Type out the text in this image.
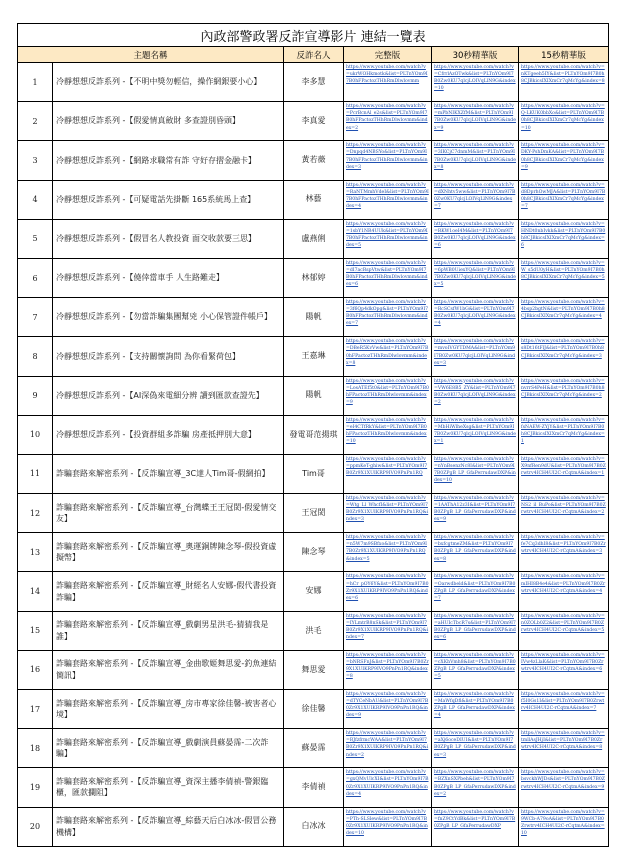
內政部警政署反詐宣導影片 連結一覽表					
主題名稱		反詐名人	完整版	30秒精華版	15秒精華版
1	冷靜想想反詐系列 -【不明中獎勿輕信，操作網銀要小心】	李多慧	https://www.youtube.com/watch?v=ukrWOHkmotk&list=PLTnYOm9I7B0hFPactozTHhRmDlwlovmm	https://www.youtube.com/watch?v=CfrrlAzOTwk&list=PLTnYOm9I7B0Zw0KU7qlcjLOIVqLlN9G&index=10	https://www.youtube.com/watch?v=nKTgeeh5IY&list=PLTnYOm9I7B0h8CJBkicsIXIXmCr7qMcYg&index=8

2	冷靜想想反詐系列 -【假愛情真斂財 多查證別昏頭】	李真愛	https://www.youtube.com/watch?v=PcrBcnAl_e2s&list=PLTnYOm9I7B0hFPactozTHhRmDlwlovmm&index=2	https://www.youtube.com/watch?v=mPbNIKXZfM&list=PLTnYOm9I7B0Zw0KU7qlcjLOIVqLlN9G&index=9	https://www.youtube.com/watch?v=Q-LKUK0bbXo&list=PLTnYOm9I7B0h8CJBkicsIXIXmCr7qMcYg&index=10

3	冷靜想想反詐系列 -【網路求職常有詐 守好存摺金融卡】	黃若薇	https://www.youtube.com/watch?v=Dnpqd4NBSYo&list=PLTnYOm9I7B0hFPactozTHhRmDlwlovmm&index=3	https://www.youtube.com/watch?v=3IKCjC7dnmM&list=PLTnYOm9I7B0Zw0KU7qlcjLOIVqLlN9G&index=8	https://www.youtube.com/watch?v=DKY-PshDmKA&list=PLTnYOm9I7B0h8CJBkicsIXIXmCr7qMcYg&index=9

4	冷靜想想反詐系列 -【可疑電話先掛斷 165系統馬上查】	林藝	https://www.youtube.com/watch?v=RaNTMmhVdeI&list=PLTnYOm9I7B0hFPactozTHhRmDlwlovmm&index=4	https://www.youtube.com/watch?v=dXNhtv5ww&list=PLTnYOm9I7B0Zw0KU7qlcjLOIVqLlN9G&index=7	https://www.youtube.com/watch?v=d8DprhOwMJA&list=PLTnYOm9I7B0h8CJBkicsIXIXmCr7qMcYg&index=7

5	冷靜想想反詐系列 -【假冒名人教投資 面交收款要三思】	盧燕俐	https://www.youtube.com/watch?v=1sbY1NR4UUk&list=PLTnYOm9I7B0hFPactozTHhRmDlwlovmm&index=5	https://www.youtube.com/watch?v=RKW1oeI4M&list=PLTnYOm9I7B0Zw0KU7qlcjLOIVqLlN9G&index=6	https://www.youtube.com/watch?v=HNDt0nbIvkk&list=PLTnYOm9I7B0h8CJBkicsIXIXmCr7qMcYg&index=6

6	冷靜想想反詐系列 -【僥倖當車手 人生路難走】	林郁婷	https://www.youtube.com/watch?v=dI7acRspVtw&list=PLTnYOm9I7B0hFPactozTHhRmDlwlovmm&index=6	https://www.youtube.com/watch?v=6pWB0UiexYQ&list=PLTnYOm9I7B0Zw0KU7qlcjLOIVqLlN9G&index=5	https://www.youtube.com/watch?v=W_s5dU0yH&list=PLTnYOm9I7B0h8CJBkicsIXIXmCr7qMcYg&index=5

7	冷靜想想反詐系列 -【勿當詐騙集團幫兇 小心保管證件帳戶】	陽帆	https://www.youtube.com/watch?v=3f6Qp4dkOpg&list=PLTnYOm9I7B0hFPactozTHhRmDlwlovmm&index=7	https://www.youtube.com/watch?v=RcSCsfW1bG&list=PLTnYOm9I7B0Zw0KU7qlcjLOIVqLlN9G&index=4	https://www.youtube.com/watch?v=4bsp2bgtN&list=PLTnYOm9I7B0h8CJBkicsIXIXmCr7qMcYg&index=4

8	冷靜想想反詐系列 -【支持關懷詢問 為你看緊荷包】	王嘉琳	https://www.youtube.com/watch?v=DBeR5KvVw&list=PLTnYOm9I7B0hFPactozTHhRmDlwlovmm&index=8	https://www.youtube.com/watch?v=mvoIVGYTDMA&list=PLTnYOm9I7B0Zw0KU7qlcjLOIVqLlN9G&index=3	https://www.youtube.com/watch?v=s8Dt16tFlJ&list=PLTnYOm9I7B0h8CJBkicsIXIXmCr7qMcYg&index=3

9	冷靜想想反詐系列 -【AI深偽來電細分辨 讀到匯款查證先】	陽帆	https://www.youtube.com/watch?v=LosATEf5t0&list=PLTnYOm9I7B0hFPactozTHhRmDlwlovmm&index=9	https://www.youtube.com/watch?v=VW6E8B5_ZY&list=PLTnYOm9I7B0Zw0KU7qlcjLOIVqLlN9G&index=2	https://www.youtube.com/watch?v=nvrrS4PeH&list=PLTnYOm9I7B0h8CJBkicsIXIXmCr7qMcYg&index=2

10	冷靜想想反詐系列 -【投資群組多詐騙 房產抵押別大意】	發電哥范揚琪	https://www.youtube.com/watch?v=eI4CTfRkY&list=PLTnYOm9I7B0hFPactozTHhRmDlwlovmm&index=10	https://www.youtube.com/watch?v=MbHiWlheXsg&list=PLTnYOm9I7B0Zw0KU7qlcjLOIVqLlN9G&index=1	https://www.youtube.com/watch?v=fsNAEW-ZYjY&list=PLTnYOm9I7B0h8CJBkicsIXIXmCr7qMcYg&index=1

11	詐騙套路來解密系列 -【反詐騙宣導_3C達人Tim哥-假網拍】	Tim哥	https://www.youtube.com/watch?v=ppmKeT-ghiw&list=PLTnYOm9I7B0Zr9X1XUIKRP9IVO9PnPn1RQ	https://www.youtube.com/watch?v=nYnBsenzNc8I&list=PLTnYOm9I7B0ZPgB_LP_GfaPerrudawDXP&index=10	https://www.youtube.com/watch?v=X9nfRen9dU&list=PLTnYOm9I7B0Zrwtrv4ICH4UI2C-rCqtmA&index=1

12	詐騙套路來解密系列 -【反詐騙宣導_台灣蝶王王冠閎-假愛情交友】	王冠閎	https://www.youtube.com/watch?v=Wtg_Ll_WhcfI&list=PLTnYOm9I7B0Zr9X1XUIKRP9IVO9PnPn1RQ&index=3	https://www.youtube.com/watch?v=1AAThA12z3I&list=PLTnYOm9I7B0ZPgB_LP_GfaPerrudawDXP&index=9	https://www.youtube.com/watch?v=NS2_il_BuPo&list=PLTnYOm9I7B0Zrwtrv4ICH4UI2C-rCqtmA&index=2

13	詐騙套路來解密系列 -【反詐騙宣導_奧運銅牌陳念琴-假投資虛擬幣】	陳念琴	https://www.youtube.com/watch?v=n5W7m9SBfxo&list=PLTnYOm9I7B0Zr9X1XUIKRP9IVO9PnPn1RQ&index=5	https://www.youtube.com/watch?v=bxfcgtmeZM&list=PLTnYOm9I7B0ZPgB_LP_GfaPerrudawDXP&index=8	https://www.youtube.com/watch?v=fe7Cq3dhI8&list=PLTnYOm9I7B0Zrwtrv4ICH4UI2C-rCqtmA&index=3

14	詐騙套路來解密系列 -【反詐騙宣導_財經名人安娜-假代書投資詐騙】	安娜	https://www.youtube.com/watch?v=hCr_pOY6Y&list=PLTnYOm9I7B0Zr9X1XUIKRP9IVO9PnPn1RQ&index=6	https://www.youtube.com/watch?v=Oarwdbeld&list=PLTnYOm9I7B0ZPgB_LP_GfaPerrudawDXP&index=7	https://www.youtube.com/watch?v=mIHI8B4e4&list=PLTnYOm9I7B0Zrwtrv4ICH4UI2C-rCqtmA&index=4

15	詐騙套路來解密系列 -【反詐騙宣導_戲劇男星洪毛-猜猜我是誰】	洪毛	https://www.youtube.com/watch?v=IYLmtrB8nSk&list=PLTnYOm9I7B0Zr9X1XUIKRP9IVO9PnPn1RQ&index=7	https://www.youtube.com/watch?v=aHUIcTbcR7s&list=PLTnYOm9I7B0ZPgB_LP_GfaPerrudawDXP&index=6	https://www.youtube.com/watch?v=n0ZOLb0Z2&list=PLTnYOm9I7B0Zrwtrv4ICH4UI2C-rCqtmA&index=5

16	詐騙套路來解密系列 -【反詐騙宣導_金曲歌姬舞思愛-釣魚連結簡訊】	舞思愛	https://www.youtube.com/watch?v=bNRSFnJ&list=PLTnYOm9I7B0Zr9X1XUIKRP9IVO9PnPn1RQ&index=8	https://www.youtube.com/watch?v=cXKhVmh8&list=PLTnYOm9I7B0ZPgB_LP_GfaPerrudawDXP&index=5	https://www.youtube.com/watch?v=IVw4zLlaK&list=PLTnYOm9I7B0Zrwtrv4ICH4UI2C-rCqtmA&index=6

17	詐騙套路來解密系列 -【反詐騙宣導_房市專家徐佳馨-被害者心境】	徐佳馨	https://www.youtube.com/watch?v=dTYCeNbAU&list=PLTnYOm9I7B0Zr9X1XUIKRP9IVO9PnPn1RQ&index=9	https://www.youtube.com/watch?v=MaWfqDfl&list=PLTnYOm9I7B0ZPgB_LP_GfaPerrudawDXP&index=4	https://www.youtube.com/watch?v=f5I0Gs1I&list=PLTnYOm9I7B0Zrwtrv4ICH4UI2C-rCqtmA&index=7

18	詐騙套路來解密系列 -【反詐騙宣導_戲劇演員蘇晏霈-二次詐騙】	蘇晏霈	https://www.youtube.com/watch?v=RJfzfrmcWAA&list=PLTnYOm9I7B0Zr9X1XUIKRP9IVO9PnPn1RQ&index=2	https://www.youtube.com/watch?v=aXj6oceDIUI&list=PLTnYOm9I7B0ZPgB_LP_GfaPerrudawDXP&index=3	https://www.youtube.com/watch?v=tmllAsJHjI&list=PLTnYOm9I7B0Zrwtrv4ICH4UI2C-rCqtmA&index=8

19	詐騙套路來解密系列 -【反詐騙宣導_資深主播李倩禎-警銀臨櫃，匯款攔阻】	李倩禎	https://www.youtube.com/watch?v=gxQMvUlcXI&list=PLTnYOm9I7B0Zr9X1XUIKRP9IVO9PnPn1RQ&index=4	https://www.youtube.com/watch?v=BZXnSXPbeh&list=PLTnYOm9I7B0ZPgB_LP_GfaPerrudawDXP&index=2	https://www.youtube.com/watch?v=bsvckhWJDs&list=PLTnYOm9I7B0Zrwtrv4ICH4UI2C-rCqtmA&index=9

20	詐騙套路來解密系列 -【反詐騙宣導_綜藝天后白冰冰-假冒公務機構】	白冰冰	https://www.youtube.com/watch?v=PTh-SLSlew&list=PLTnYOm9I7B0Zr9X1XUIKRP9IVO9PnPn1RQ&index=10	https://www.youtube.com/watch?v=fnZ9CtYdBk&list=PLTnYOm9I7B0ZPgB_LP_GfaPerrudawDXP	https://www.youtube.com/watch?v=9WCb-A79oA&list=PLTnYOm9I7B0Zrwtrv4ICH4UI2C-rCqtmA&index=10
